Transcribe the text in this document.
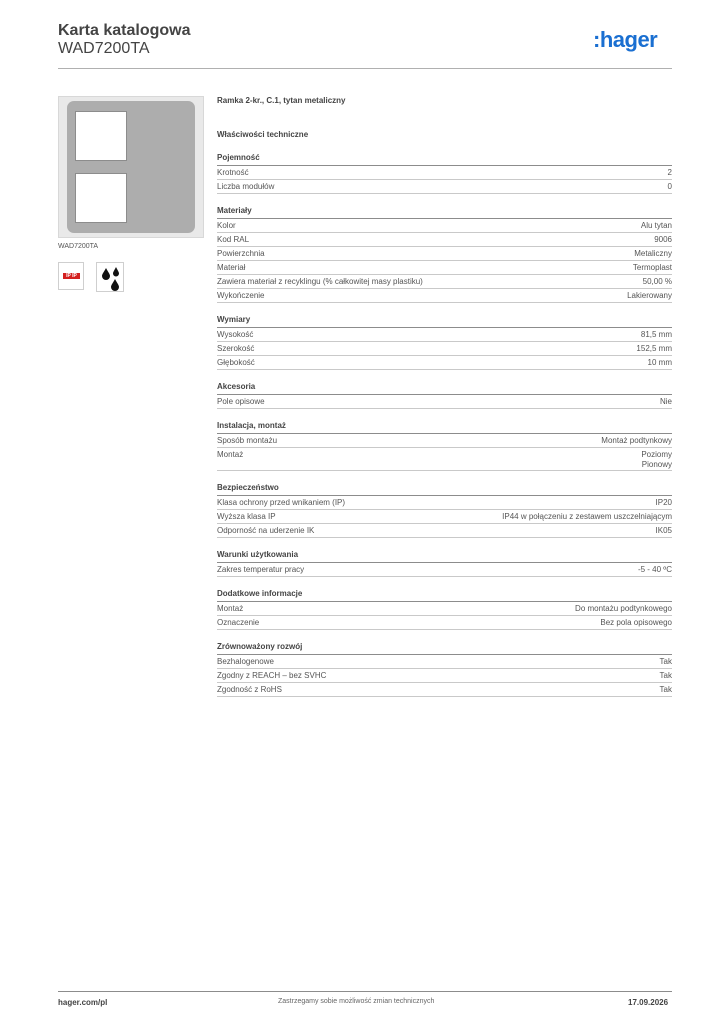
Karta katalogowa
WAD7200TA	:hager
WAD7200TA
IP IP
Ramka 2-kr., C.1, tytan metaliczny
Właściwości techniczne
Pojemność
Krotność	2
Liczba modułów	0
Materiały
Kolor	Alu tytan
Kod RAL	9006
Powierzchnia	Metaliczny
Materiał	Termoplast
Zawiera materiał z recyklingu (% całkowitej masy plastiku)	50,00 %
Wykończenie	Lakierowany
Wymiary
Wysokość	81,5 mm
Szerokość	152,5 mm
Głębokość	10 mm
Akcesoria
Pole opisowe	Nie
Instalacja, montaż
Sposób montażu	Montaż podtynkowy
Montaż	Poziomy
Pionowy
Bezpieczeństwo
Klasa ochrony przed wnikaniem (IP)	IP20
Wyższa klasa IP	IP44 w połączeniu z zestawem uszczelniającym
Odporność na uderzenie IK	IK05
Warunki użytkowania
Zakres temperatur pracy	-5 - 40 ºC
Dodatkowe informacje
Montaż	Do montażu podtynkowego
Oznaczenie	Bez pola opisowego
Zrównoważony rozwój
Bezhalogenowe	Tak
Zgodny z REACH – bez SVHC	Tak
Zgodność z RoHS	Tak
hager.com/pl	Zastrzegamy sobie możliwość zmian technicznych	17.09.2026
